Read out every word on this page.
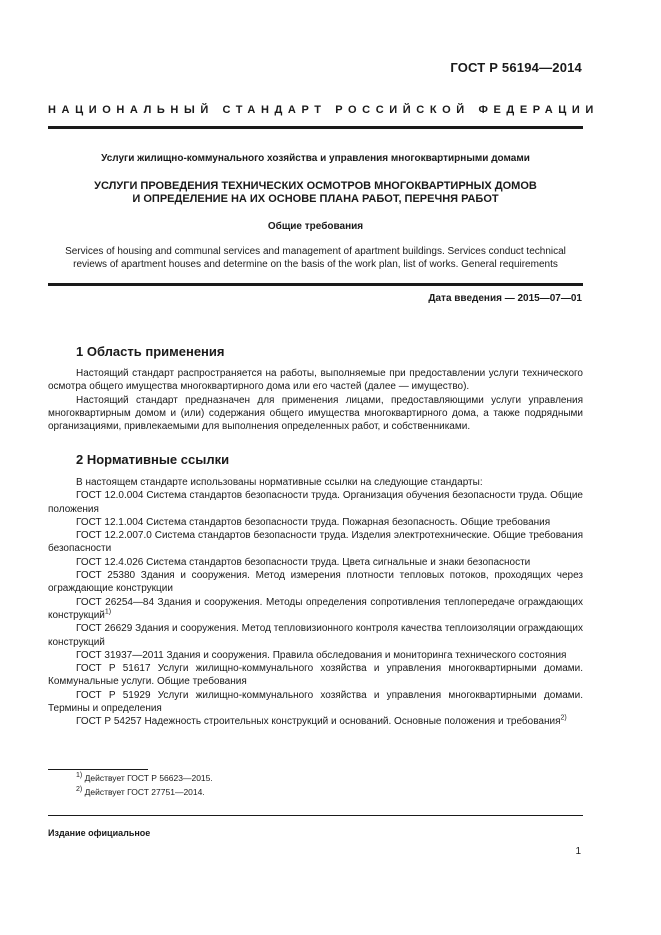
ГОСТ Р 56194—2014
НАЦИОНАЛЬНЫЙ СТАНДАРТ РОССИЙСКОЙ ФЕДЕРАЦИИ
Услуги жилищно-коммунального хозяйства и управления многоквартирными домами
УСЛУГИ ПРОВЕДЕНИЯ ТЕХНИЧЕСКИХ ОСМОТРОВ МНОГОКВАРТИРНЫХ ДОМОВ
И ОПРЕДЕЛЕНИЕ НА ИХ ОСНОВЕ ПЛАНА РАБОТ, ПЕРЕЧНЯ РАБОТ
Общие требования
Services of housing and communal services and management of apartment buildings. Services conduct technical
reviews of apartment houses and determine on the basis of the work plan, list of works. General requirements
Дата введения — 2015—07—01
1 Область применения

Настоящий стандарт распространяется на работы, выполняемые при предоставлении услуги технического осмотра общего имущества многоквартирного дома или его частей (далее — имущество).

Настоящий стандарт предназначен для применения лицами, предоставляющими услуги управления многоквартирным домом и (или) содержания общего имущества многоквартирного дома, а также подрядными организациями, привлекаемыми для выполнения определенных работ, и собственниками.

2 Нормативные ссылки

В настоящем стандарте использованы нормативные ссылки на следующие стандарты:

ГОСТ 12.0.004 Система стандартов безопасности труда. Организация обучения безопасности труда. Общие положения

ГОСТ 12.1.004 Система стандартов безопасности труда. Пожарная безопасность. Общие требования

ГОСТ 12.2.007.0 Система стандартов безопасности труда. Изделия электротехнические. Общие требования безопасности

ГОСТ 12.4.026 Система стандартов безопасности труда. Цвета сигнальные и знаки безопасности

ГОСТ 25380 Здания и сооружения. Метод измерения плотности тепловых потоков, проходящих через ограждающие конструкции

ГОСТ 26254—84 Здания и сооружения. Методы определения сопротивления теплопередаче ограждающих конструкций$^{1)}$

ГОСТ 26629 Здания и сооружения. Метод тепловизионного контроля качества теплоизоляции ограждающих конструкций

ГОСТ 31937—2011 Здания и сооружения. Правила обследования и мониторинга технического состояния

ГОСТ Р 51617 Услуги жилищно-коммунального хозяйства и управления многоквартирными домами. Коммунальные услуги. Общие требования

ГОСТ Р 51929 Услуги жилищно-коммунального хозяйства и управления многоквартирными домами. Термины и определения

ГОСТ Р 54257 Надежность строительных конструкций и оснований. Основные положения и требования$^{2)}$

$^{1)}$ Действует ГОСТ Р 56623—2015.
$^{2)}$ Действует ГОСТ 27751—2014.
Издание официальное
1
